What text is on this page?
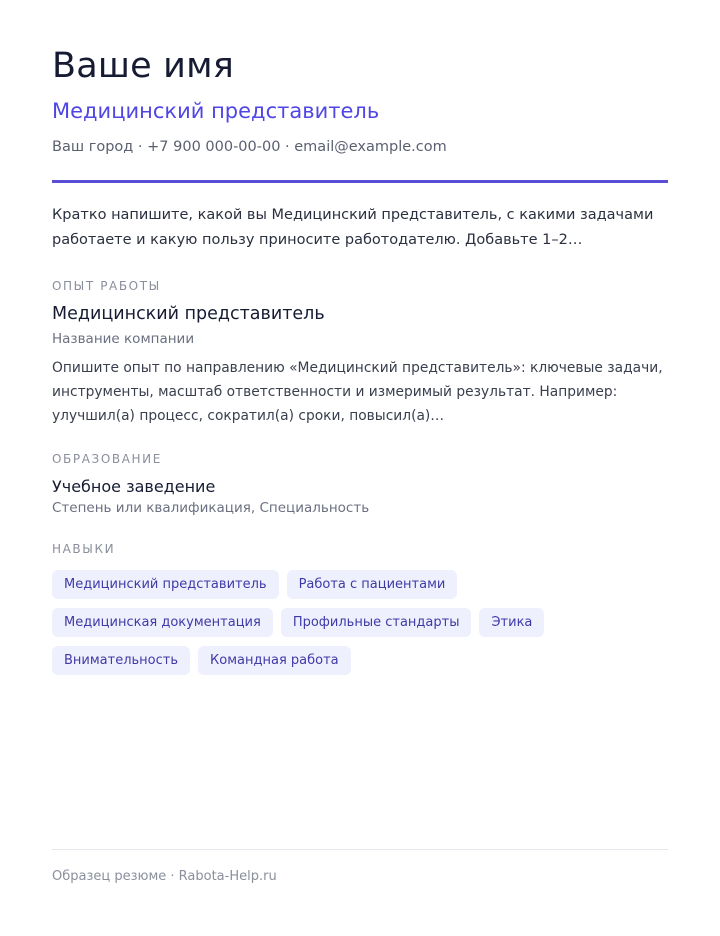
Ваше имя
Медицинский представитель
Ваш город · +7 900 000-00-00 · email@example.com

Кратко напишите, какой вы Медицинский представитель, с какими задачами работаете и какую пользу приносите работодателю. Добавьте 1–2…

ОПЫТ РАБОТЫ
Медицинский представитель
Название компании

Опишите опыт по направлению «Медицинский представитель»: ключевые задачи, инструменты, масштаб ответственности и измеримый результат. Например: улучшил(а) процесс, сократил(а) сроки, повысил(а)…

ОБРАЗОВАНИЕ
Учебное заведение
Степень или квалификация, Специальность
НАВЫКИ
Медицинский представитель	Работа с пациентами
Медицинская документация	Профильные стандарты	Этика
Внимательность	Командная работа
Образец резюме · Rabota-Help.ru
